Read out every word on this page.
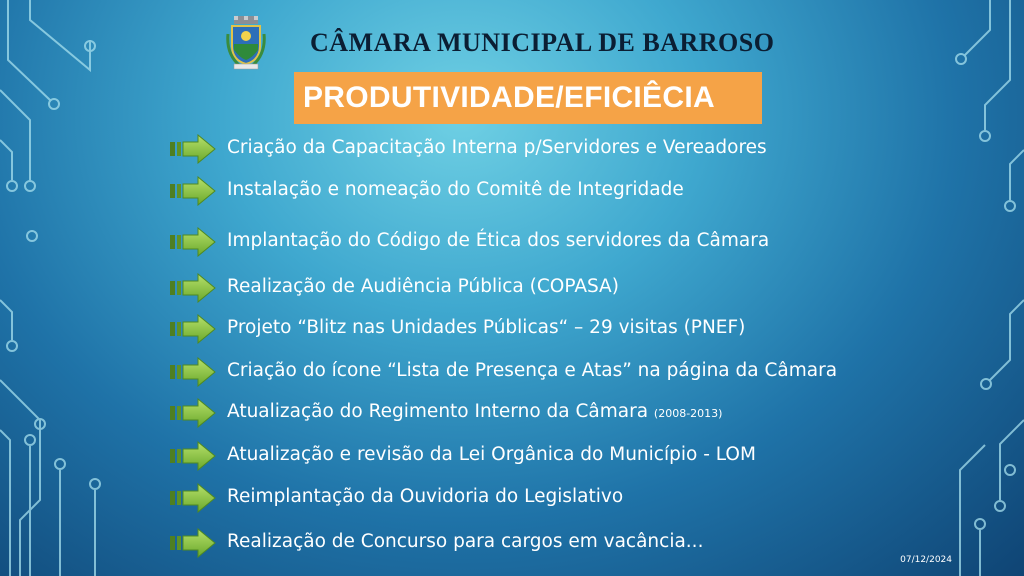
CÂMARA MUNICIPAL DE BARROSO
PRODUTIVIDADE/EFICIÊCIA
Criação da Capacitação Interna p/Servidores e Vereadores
Instalação e nomeação do Comitê de Integridade
Implantação do Código de Ética dos servidores da Câmara
Realização de Audiência Pública (COPASA)
Projeto “Blitz nas Unidades Públicas“ – 29 visitas (PNEF)
Criação do ícone “Lista de Presença e Atas” na página da Câmara
Atualização do Regimento Interno da Câmara (2008-2013)
Atualização e revisão da Lei Orgânica do Município - LOM
Reimplantação da Ouvidoria do Legislativo
Realização de Concurso para cargos em vacância...
07/12/2024
